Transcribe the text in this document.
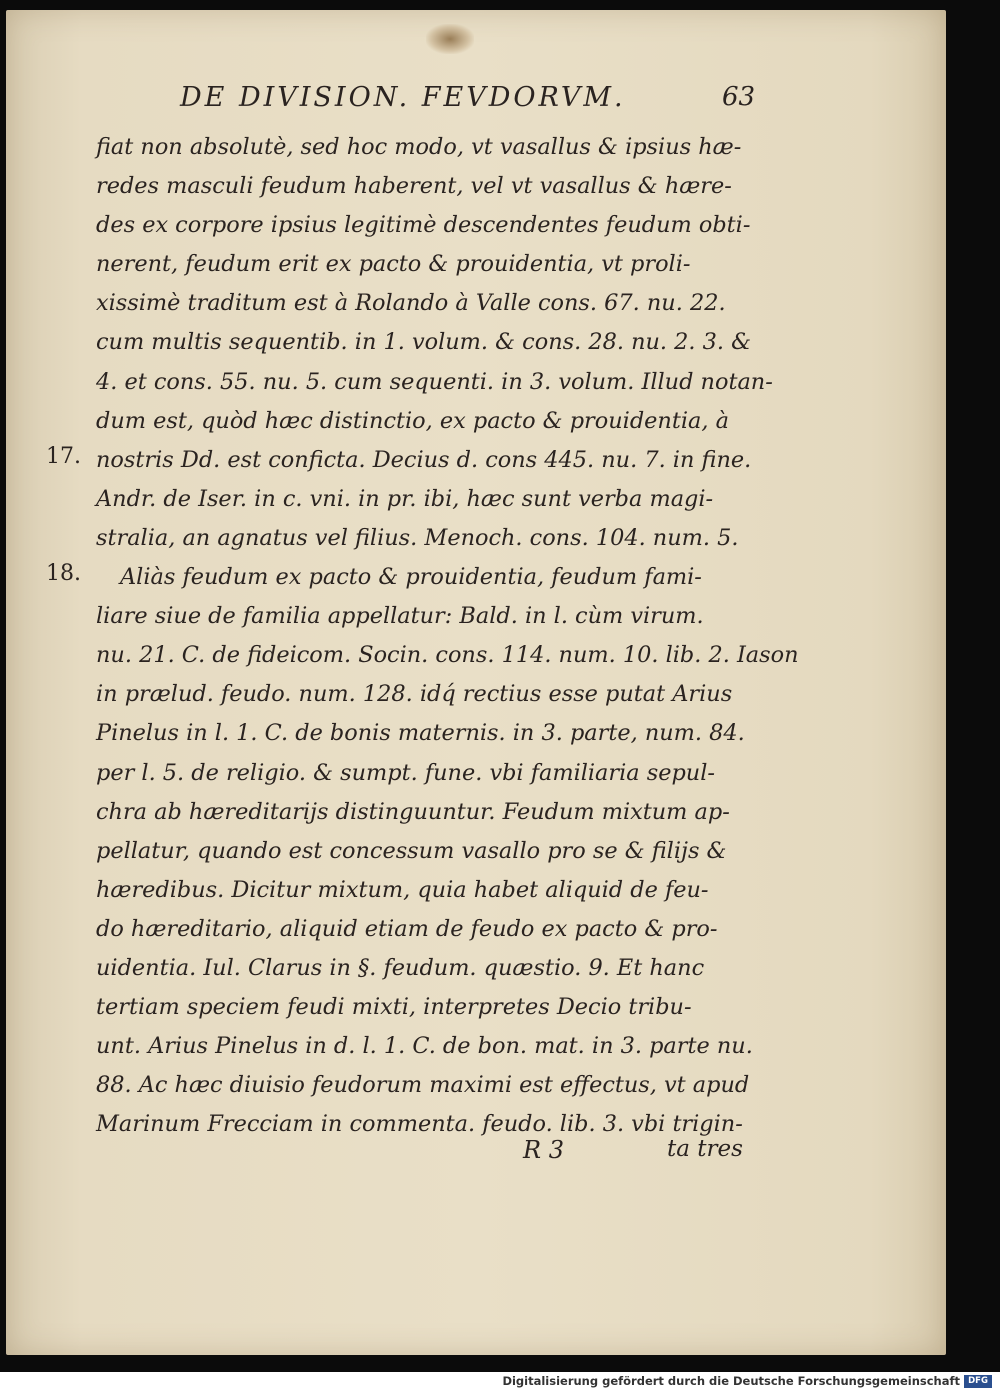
DE DIVISION. FEVDORVM.	63
17.
18.
fiat non absolutè, sed hoc modo, vt vasallus & ipsius hæ-
redes masculi feudum haberent, vel vt vasallus & hære-
des ex corpore ipsius legitimè descendentes feudum obti-
nerent, feudum erit ex pacto & prouidentia, vt proli-
xissimè traditum est à Rolando à Valle cons. 67. nu. 22.
cum multis sequentib. in 1. volum. & cons. 28. nu. 2. 3. &
4. et cons. 55. nu. 5. cum sequenti. in 3. volum. Illud notan-
dum est, quòd hæc distinctio, ex pacto & prouidentia, à
nostris Dd. est conficta. Decius d. cons 445. nu. 7. in fine.
Andr. de Iser. in c. vni. in pr. ibi, hæc sunt verba magi-
stralia, an agnatus vel filius. Menoch. cons. 104. num. 5.
Aliàs feudum ex pacto & prouidentia, feudum fami-
liare siue de familia appellatur: Bald. in l. cùm virum.
nu. 21. C. de fideicom. Socin. cons. 114. num. 10. lib. 2. Iason
in prælud. feudo. num. 128. idq́ rectius esse putat Arius
Pinelus in l. 1. C. de bonis maternis. in 3. parte, num. 84.
per l. 5. de religio. & sumpt. fune. vbi familiaria sepul-
chra ab hæreditarijs distinguuntur. Feudum mixtum ap-
pellatur, quando est concessum vasallo pro se & filijs &
hæredibus. Dicitur mixtum, quia habet aliquid de feu-
do hæreditario, aliquid etiam de feudo ex pacto & pro-
uidentia. Iul. Clarus in §. feudum. quæstio. 9. Et hanc
tertiam speciem feudi mixti, interpretes Decio tribu-
unt. Arius Pinelus in d. l. 1. C. de bon. mat. in 3. parte nu.
88. Ac hæc diuisio feudorum maximi est effectus, vt apud
Marinum Frecciam in commenta. feudo. lib. 3. vbi trigin-
R 3	ta tres
Digitalisierung gefördert durch die Deutsche Forschungsgemeinschaft DFG
